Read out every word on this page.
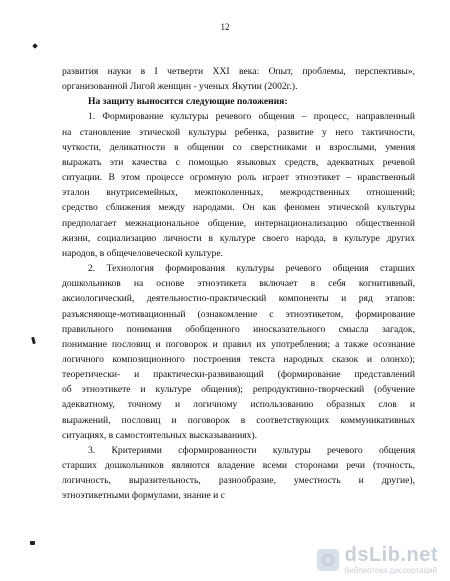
12
развития науки в I четверти XXI века: Опыт, проблемы, перспективы»,
организованной Лигой женщин - ученых Якутии (2002г.).
На защиту выносятся следующие положения:
1. Формирование культуры речевого общения – процесс, направленный
на становление этической культуры ребенка, развитие у него тактичности,
чуткости, деликатности в общении со сверстниками и взрослыми, умения
выражать эти качества с помощью языковых средств, адекватных речевой
ситуации. В этом процессе огромную роль играет этноэтикет – нравственный
эталон внутрисемейных, межпоколенных, межродственных отношений;
средство сближения между народами. Он как феномен этической культуры
предполагает межнациональное общение, интернационализацию общественной
жизни, социализацию личности в культуре своего народа, в культуре других
народов, в общечеловеческой культуре.
2. Технология формирования культуры речевого общения старших
дошкольников на основе этноэтикета включает в себя когнитивный,
аксиологический, деятельностно-практический компоненты и ряд этапов:
разъясняюще-мотивационный (ознакомление с этноэтикетом, формирование
правильного понимания обобщенного иносказательного смысла загадок,
понимание пословиц и поговорок и правил их употребления; а также осознание
логичного композиционного построения текста народных сказок и олонхо);
теоретически- и практически-развивающий (формирование представлений
об этноэтикете и культуре общения); репродуктивно-творческий (обучение
адекватному, точному и логичному использованию образных слов и
выражений, пословиц и поговорок в соответствующих коммуникативных
ситуациях, в самостоятельных высказываниях).
3. Критериями сформированности культуры речевого общения
старших дошкольников являются владение всеми сторонами речи (точность,
логичность, выразительность, разнообразие, уместность и другие),
этноэтикетными формулами, знание и с
dsLib.net
библиотека диссертаций
